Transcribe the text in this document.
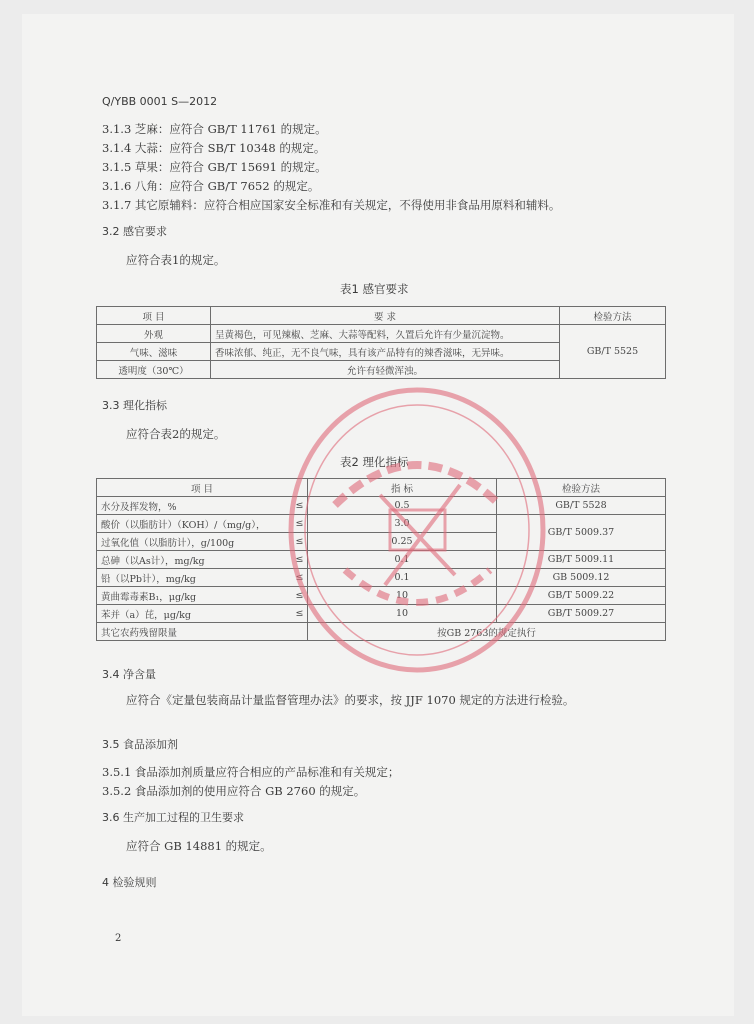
Q/YBB 0001 S—2012
3.1.3 芝麻：应符合 GB/T 11761 的规定。
3.1.4 大蒜：应符合 SB/T 10348 的规定。
3.1.5 草果：应符合 GB/T 15691 的规定。
3.1.6 八角：应符合 GB/T 7652 的规定。
3.1.7 其它原辅料：应符合相应国家安全标准和有关规定，不得使用非食品用原料和辅料。
3.2 感官要求
应符合表1的规定。
表1 感官要求
项 目	要 求	检验方法
外观	呈黄褐色，可见辣椒、芝麻、大蒜等配料，久置后允许有少量沉淀物。	GB/T 5525
气味、滋味	香味浓郁、纯正，无不良气味，具有该产品特有的辣香滋味，无异味。	
透明度（30℃）	允许有轻微浑浊。	
3.3 理化指标
应符合表2的规定。
表2 理化指标
项 目		指 标	检验方法
水分及挥发物，%	≤	0.5	GB/T 5528
酸价（以脂肪计）（KOH）/（mg/g），	≤	3.0	GB/T 5009.37
过氧化值（以脂肪计），g/100g	≤	0.25	
总砷（以As计），mg/kg	≤	0.1	GB/T 5009.11
铅（以Pb计），mg/kg	≤	0.1	GB 5009.12
黄曲霉毒素B₁，μg/kg	≤	10	GB/T 5009.22
苯并（a）芘，μg/kg	≤	10	GB/T 5009.27
其它农药残留限量		按GB 2763的规定执行	
3.4 净含量
应符合《定量包装商品计量监督管理办法》的要求，按 JJF 1070 规定的方法进行检验。
3.5 食品添加剂
3.5.1 食品添加剂质量应符合相应的产品标准和有关规定；
3.5.2 食品添加剂的使用应符合 GB 2760 的规定。
3.6 生产加工过程的卫生要求
应符合 GB 14881 的规定。
4 检验规则
2
